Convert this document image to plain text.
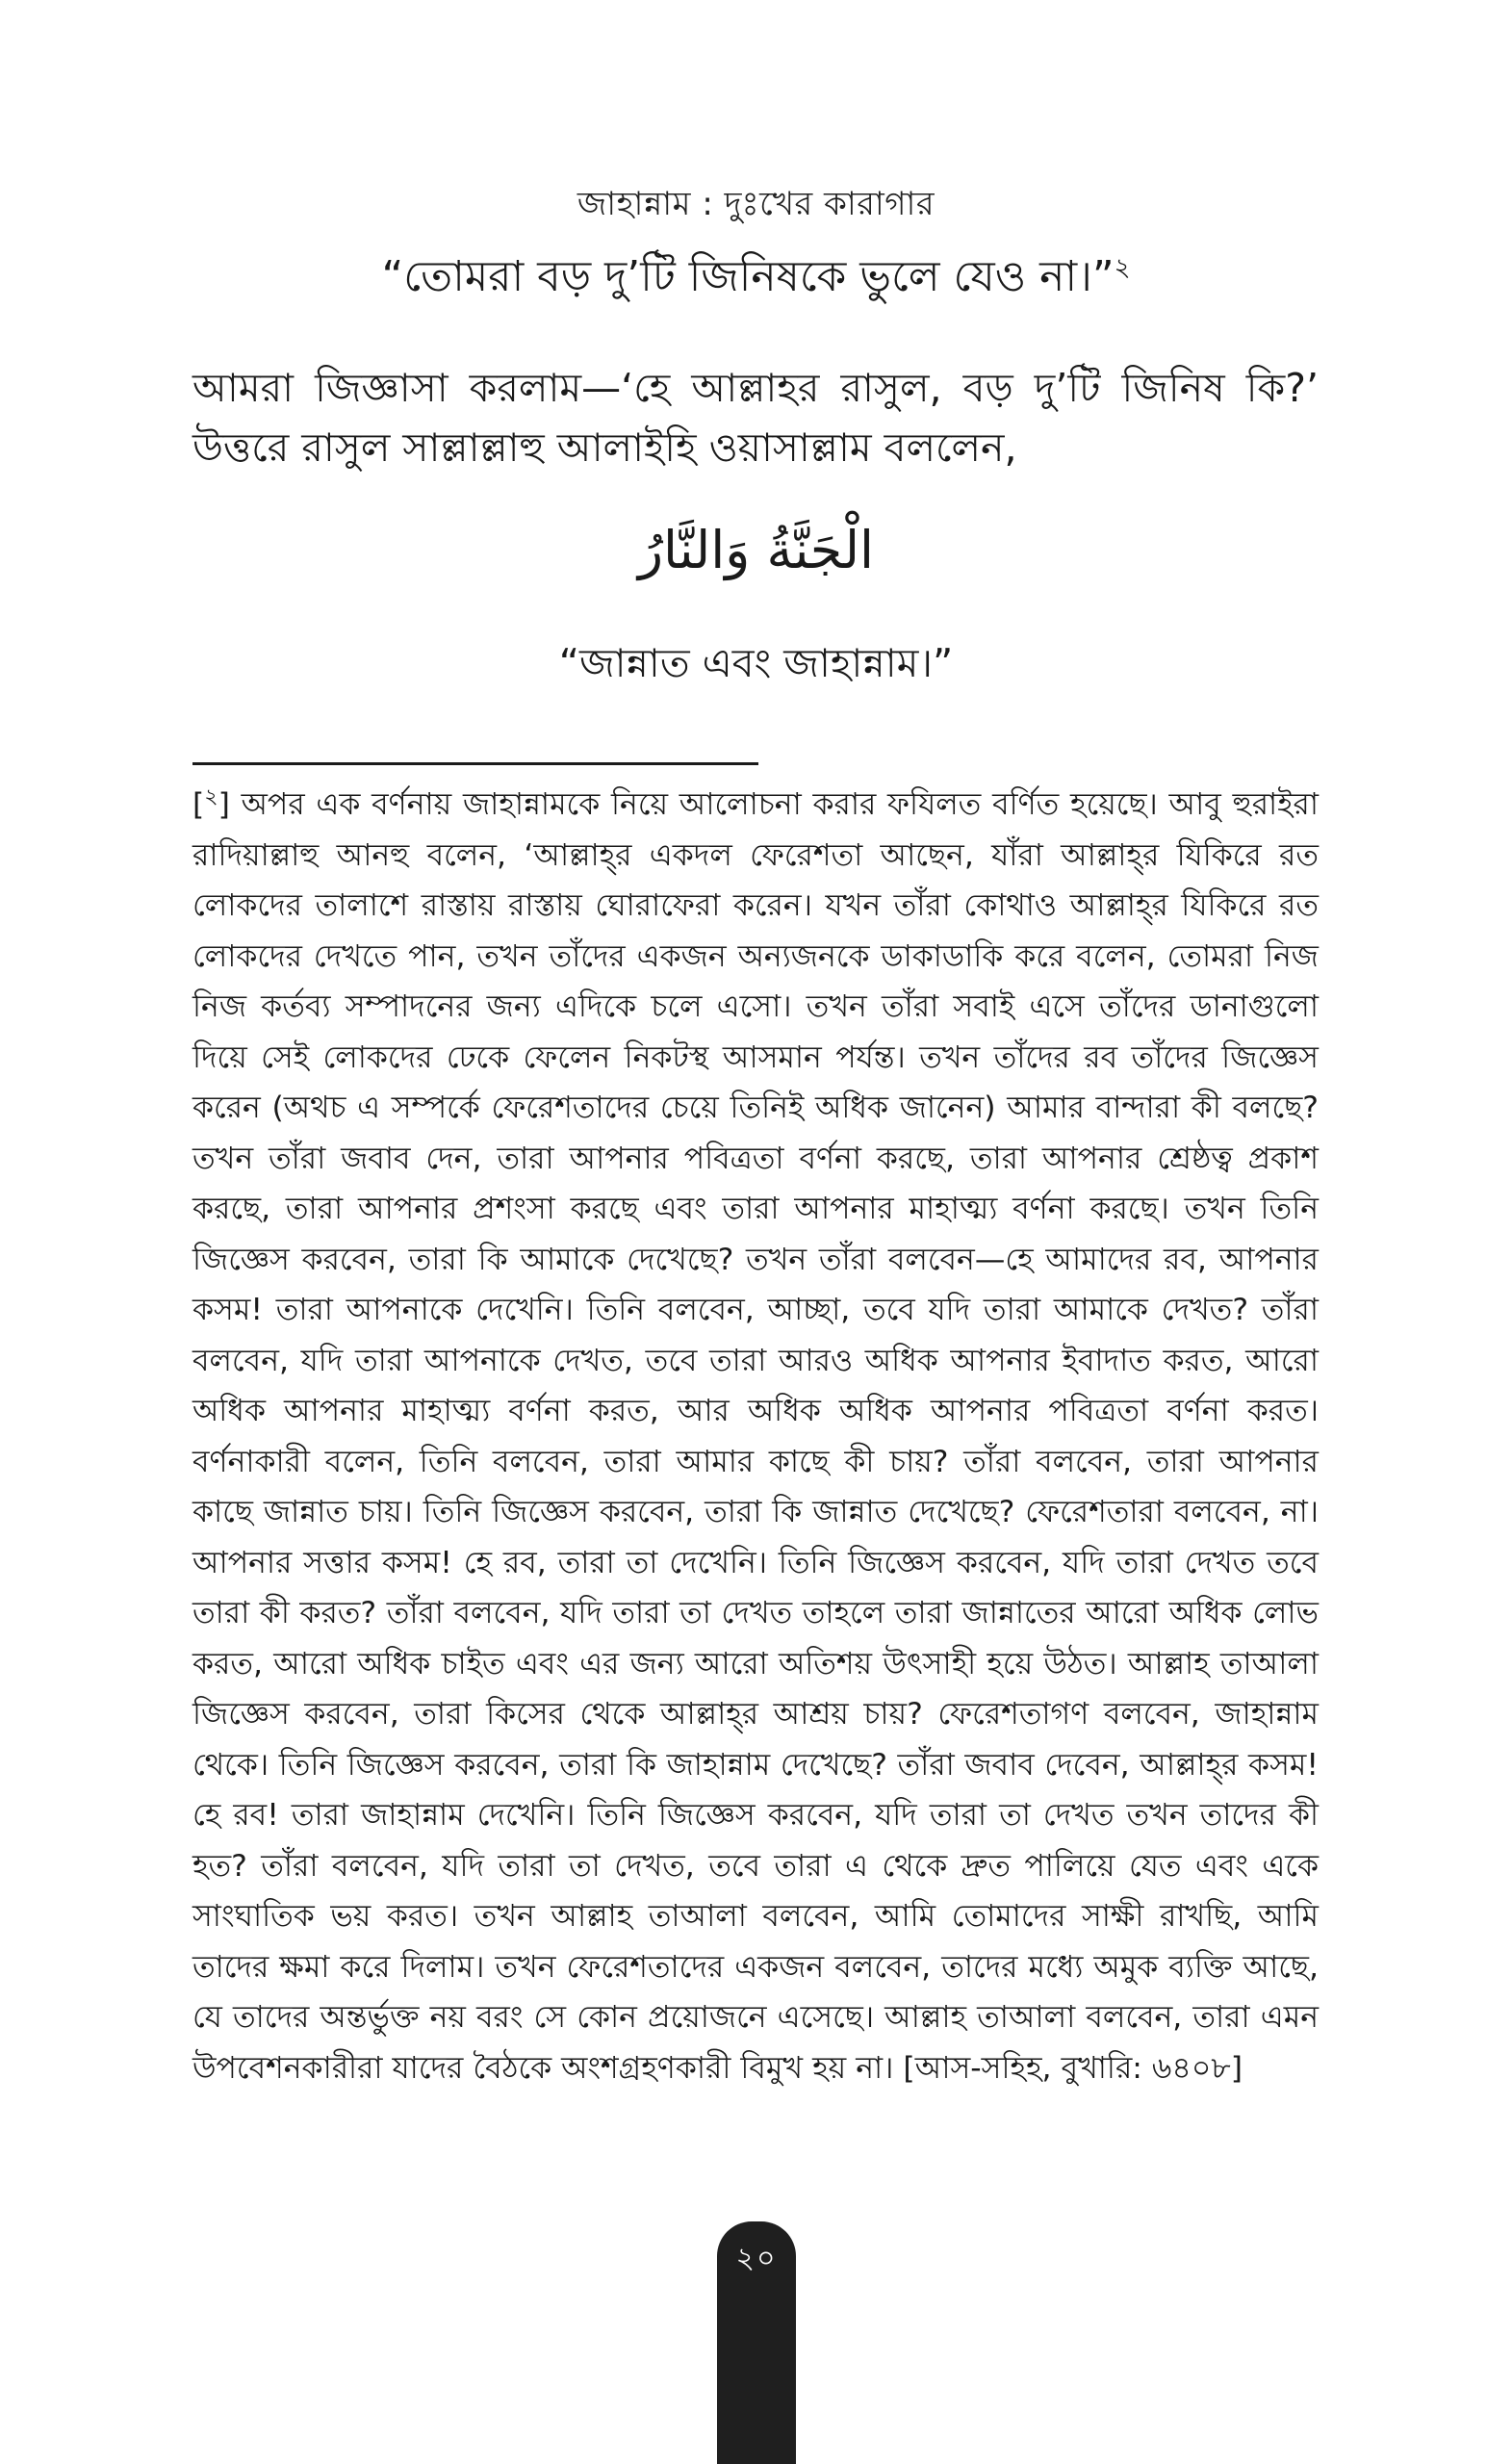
জাহান্নাম : দুঃখের কারাগার
“তোমরা বড় দু’টি জিনিষকে ভুলে যেও না।”$^২$
আমরা জিজ্ঞাসা করলাম—‘হে আল্লাহর রাসুল, বড় দু’টি জিনিষ কি?’ উত্তরে রাসুল সাল্লাল্লাহু আলাইহি ওয়াসাল্লাম বললেন,
الْجَنَّةُ وَالنَّارُ
“জান্নাত এবং জাহান্নাম।”
[$^২$] অপর এক বর্ণনায় জাহান্নামকে নিয়ে আলোচনা করার ফযিলত বর্ণিত হয়েছে। আবু হুরাইরা রাদিয়াল্লাহু আনহু বলেন, ‘আল্লাহ্‌র একদল ফেরেশতা আছেন, যাঁরা আল্লাহ্‌র যিকিরে রত লোকদের তালাশে রাস্তায় রাস্তায় ঘোরাফেরা করেন। যখন তাঁরা কোথাও আল্লাহ্‌র যিকিরে রত লোকদের দেখতে পান, তখন তাঁদের একজন অন্যজনকে ডাকাডাকি করে বলেন, তোমরা নিজ নিজ কর্তব্য সম্পাদনের জন্য এদিকে চলে এসো। তখন তাঁরা সবাই এসে তাঁদের ডানাগুলো দিয়ে সেই লোকদের ঢেকে ফেলেন নিকটস্থ আসমান পর্যন্ত। তখন তাঁদের রব তাঁদের জিজ্ঞেস করেন (অথচ এ সম্পর্কে ফেরেশতাদের চেয়ে তিনিই অধিক জানেন) আমার বান্দারা কী বলছে? তখন তাঁরা জবাব দেন, তারা আপনার পবিত্রতা বর্ণনা করছে, তারা আপনার শ্রেষ্ঠত্ব প্রকাশ করছে, তারা আপনার প্রশংসা করছে এবং তারা আপনার মাহাত্ম্য বর্ণনা করছে। তখন তিনি জিজ্ঞেস করবেন, তারা কি আমাকে দেখেছে? তখন তাঁরা বলবেন—হে আমাদের রব, আপনার কসম! তারা আপনাকে দেখেনি। তিনি বলবেন, আচ্ছা, তবে যদি তারা আমাকে দেখত? তাঁরা বলবেন, যদি তারা আপনাকে দেখত, তবে তারা আরও অধিক আপনার ইবাদাত করত, আরো অধিক আপনার মাহাত্ম্য বর্ণনা করত, আর অধিক অধিক আপনার পবিত্রতা বর্ণনা করত। বর্ণনাকারী বলেন, তিনি বলবেন, তারা আমার কাছে কী চায়? তাঁরা বলবেন, তারা আপনার কাছে জান্নাত চায়। তিনি জিজ্ঞেস করবেন, তারা কি জান্নাত দেখেছে? ফেরেশতারা বলবেন, না। আপনার সত্তার কসম! হে রব, তারা তা দেখেনি। তিনি জিজ্ঞেস করবেন, যদি তারা দেখত তবে তারা কী করত? তাঁরা বলবেন, যদি তারা তা দেখত তাহলে তারা জান্নাতের আরো অধিক লোভ করত, আরো অধিক চাইত এবং এর জন্য আরো অতিশয় উৎসাহী হয়ে উঠত। আল্লাহ তাআলা জিজ্ঞেস করবেন, তারা কিসের থেকে আল্লাহ্‌র আশ্রয় চায়? ফেরেশতাগণ বলবেন, জাহান্নাম থেকে। তিনি জিজ্ঞেস করবেন, তারা কি জাহান্নাম দেখেছে? তাঁরা জবাব দেবেন, আল্লাহ্‌র কসম! হে রব! তারা জাহান্নাম দেখেনি। তিনি জিজ্ঞেস করবেন, যদি তারা তা দেখত তখন তাদের কী হত? তাঁরা বলবেন, যদি তারা তা দেখত, তবে তারা এ থেকে দ্রুত পালিয়ে যেত এবং একে সাংঘাতিক ভয় করত। তখন আল্লাহ তাআলা বলবেন, আমি তোমাদের সাক্ষী রাখছি, আমি তাদের ক্ষমা করে দিলাম। তখন ফেরেশতাদের একজন বলবেন, তাদের মধ্যে অমুক ব্যক্তি আছে, যে তাদের অন্তর্ভুক্ত নয় বরং সে কোন প্রয়োজনে এসেছে। আল্লাহ তাআলা বলবেন, তারা এমন উপবেশনকারীরা যাদের বৈঠকে অংশগ্রহণকারী বিমুখ হয় না। [আস-সহিহ, বুখারি: ৬৪০৮]
২০
